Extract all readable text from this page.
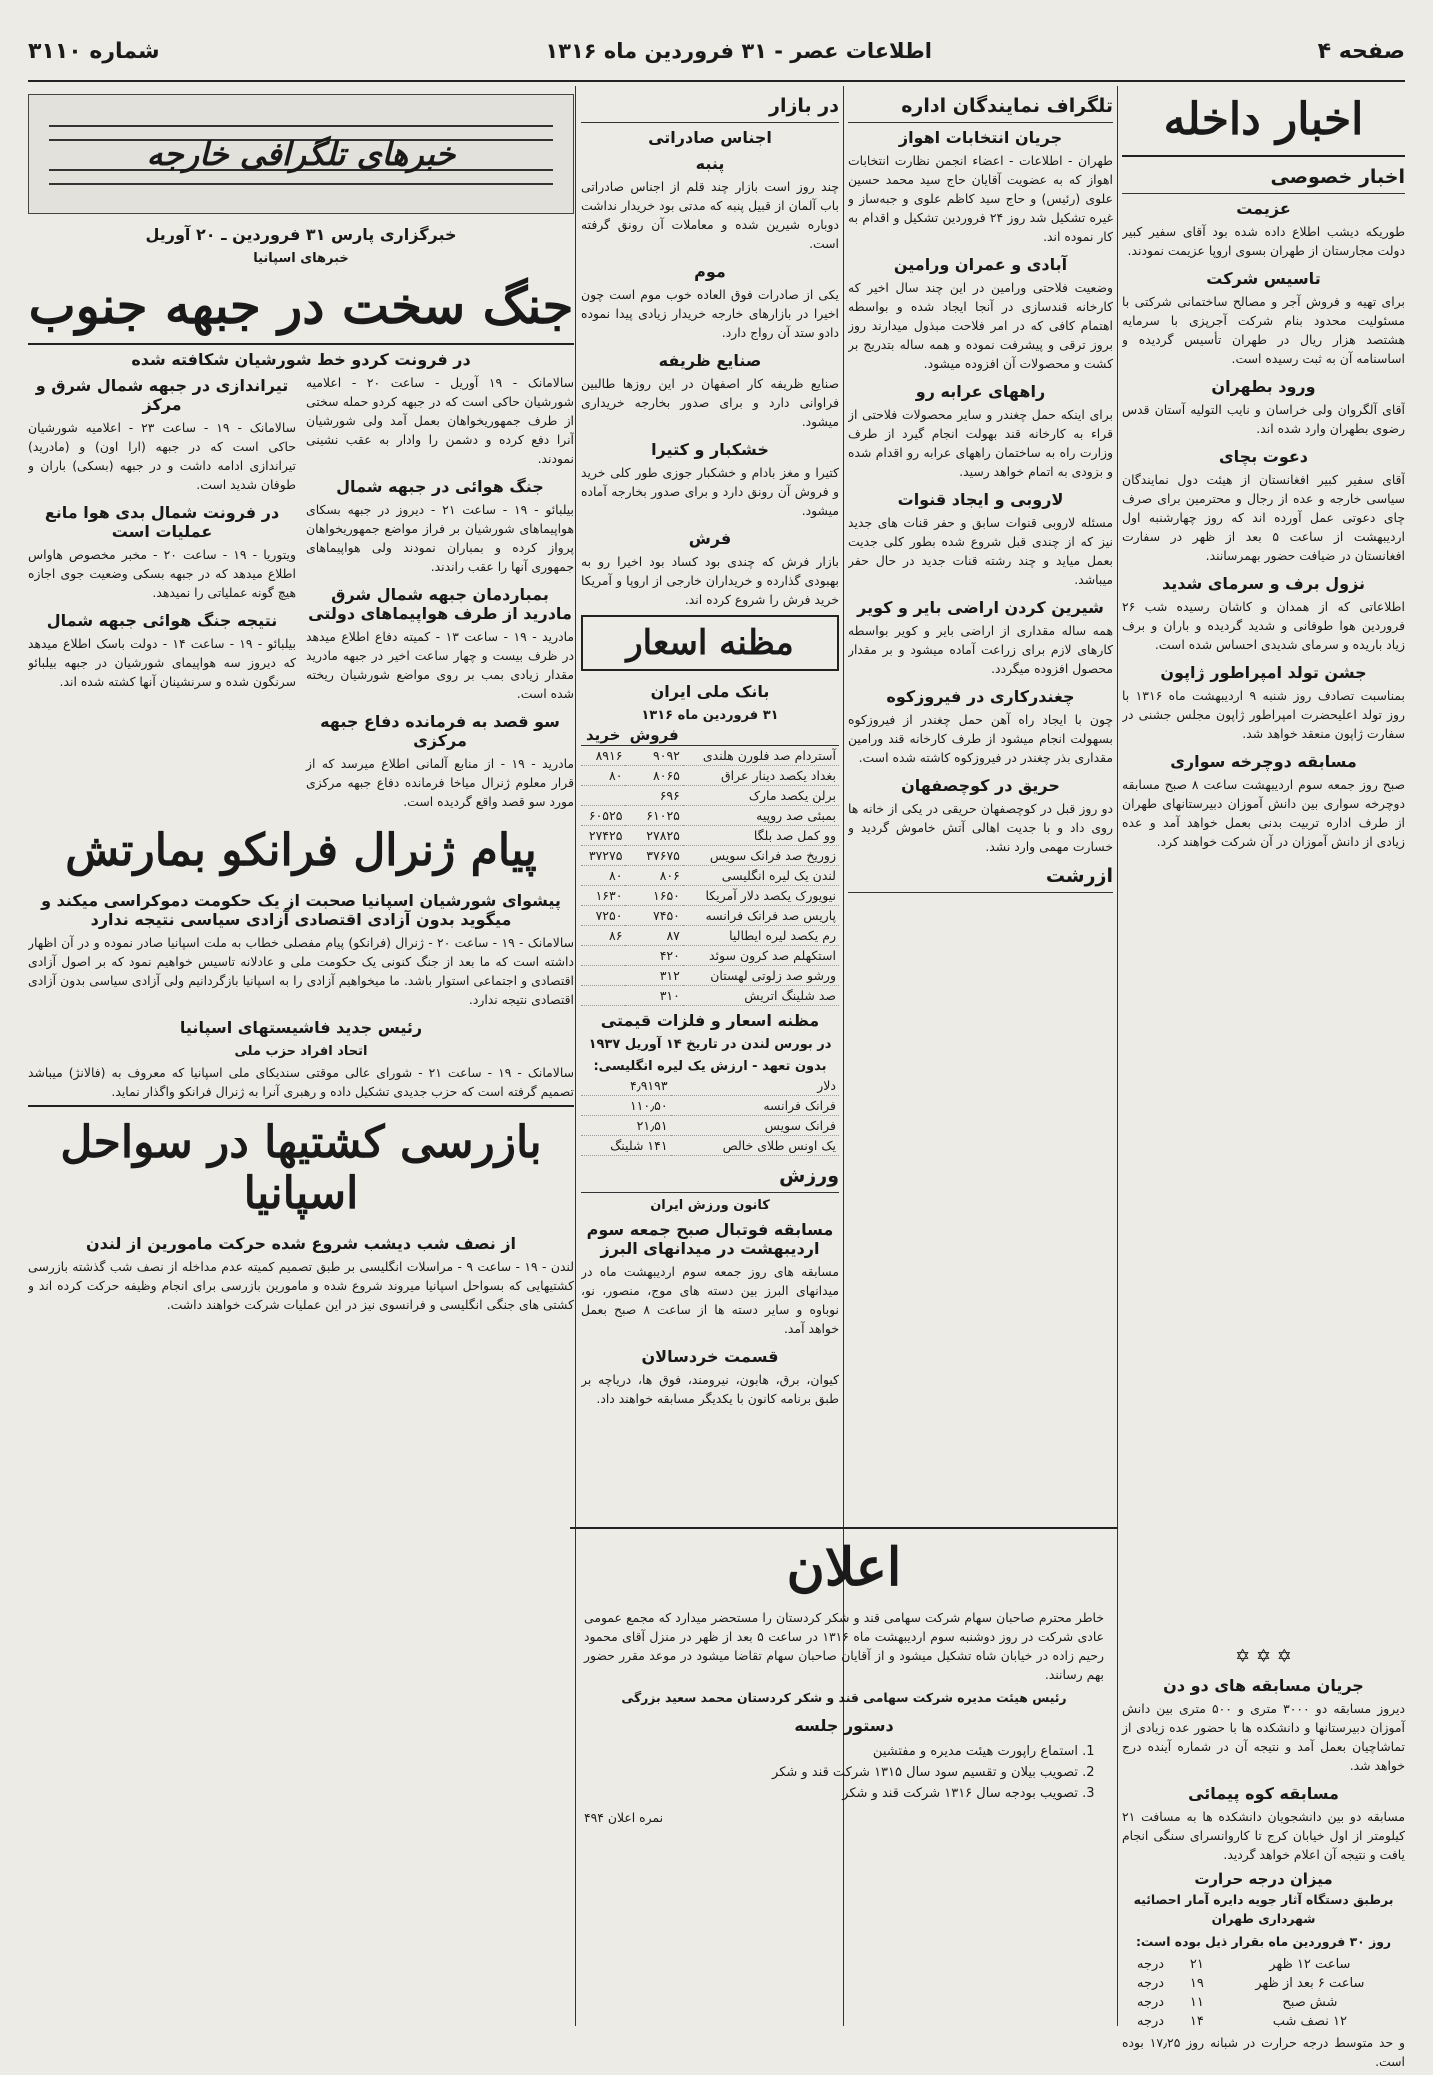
صفحه ۴
اطلاعات عصر - ۳۱ فروردین ماه ۱۳۱۶
شماره ۳۱۱۰
اخبار داخله
اخبار خصوصی
عزیمت

طوریکه دیشب اطلاع داده شده بود آقای سفیر کبیر دولت مجارستان از طهران بسوی اروپا عزیمت نمودند.

تاسیس شرکت

برای تهیه و فروش آجر و مصالح ساختمانی شرکتی با مسئولیت محدود بنام شرکت آجرپزی با سرمایه هشتصد هزار ریال در طهران تأسیس گردیده و اساسنامه آن به ثبت رسیده است.

ورود بطهران

آقای آلگروان ولی خراسان و نایب التولیه آستان قدس رضوی بطهران وارد شده اند.

دعوت بچای

آقای سفیر کبیر افغانستان از هیئت دول نمایندگان سیاسی خارجه و عده از رجال و محترمین برای صرف چای دعوتی عمل آورده اند که روز چهارشنبه اول اردیبهشت از ساعت ۵ بعد از ظهر در سفارت افغانستان در ضیافت حضور بهمرسانند.

نزول برف و سرمای شدید

اطلاعاتی که از همدان و کاشان رسیده شب ۲۶ فروردین هوا طوفانی و شدید گردیده و باران و برف زیاد باریده و سرمای شدیدی احساس شده است.

جشن تولد امپراطور ژاپون

بمناسبت تصادف روز شنبه ۹ اردیبهشت ماه ۱۳۱۶ با روز تولد اعلیحضرت امپراطور ژاپون مجلس جشنی در سفارت ژاپون منعقد خواهد شد.

مسابقه دوچرخه سواری

صبح روز جمعه سوم اردیبهشت ساعت ۸ صبح مسابقه دوچرخه سواری بین دانش آموزان دبیرستانهای طهران از طرف اداره تربیت بدنی بعمل خواهد آمد و عده زیادی از دانش آموزان در آن شرکت خواهند کرد.

✡ ✡ ✡
جریان مسابقه های دو دن

دیروز مسابقه دو ۳۰۰۰ متری و ۵۰۰ متری بین دانش آموزان دبیرستانها و دانشکده ها با حضور عده زیادی از تماشاچیان بعمل آمد و نتیجه آن در شماره آینده درج خواهد شد.

مسابقه کوه پیمائی

مسابقه دو بین دانشجویان دانشکده ها به مسافت ۲۱ کیلومتر از اول خیابان کرج تا کاروانسرای سنگی انجام یافت و نتیجه آن اعلام خواهد گردید.

میزان درجه حرارت

برطبق دستگاه آثار جویه دایره آمار احصائیه شهرداری طهران

روز ۳۰ فروردین ماه بقرار ذیل بوده است:

ساعت ۱۲ ظهر	۲۱	درجه
ساعت ۶ بعد از ظهر	۱۹	درجه
شش صبح	۱۱	درجه
۱۲ نصف شب	۱۴	درجه

و حد متوسط درجه حرارت در شبانه روز ۱۷٫۲۵ بوده است.

تلگراف نمایندگان اداره
جریان انتخابات اهواز

طهران - اطلاعات - اعضاء انجمن نظارت انتخابات اهواز که به عضویت آقایان حاج سید محمد حسین علوی (رئیس) و حاج سید کاظم علوی و جبه‌ساز و غیره تشکیل شد روز ۲۴ فروردین تشکیل و اقدام به کار نموده اند.

آبادی و عمران ورامین

وضعیت فلاحتی ورامین در این چند سال اخیر که کارخانه قندسازی در آنجا ایجاد شده و بواسطه اهتمام کافی که در امر فلاحت مبذول میدارند روز بروز ترقی و پیشرفت نموده و همه ساله بتدریج بر کشت و محصولات آن افزوده میشود.

راههای عرابه رو

برای اینکه حمل چغندر و سایر محصولات فلاحتی از قراء به کارخانه قند بهولت انجام گیرد از طرف وزارت راه به ساختمان راههای عرابه رو اقدام شده و بزودی به اتمام خواهد رسید.

لاروبی و ایجاد قنوات

مسئله لاروبی قنوات سابق و حفر قنات های جدید نیز که از چندی قبل شروع شده بطور کلی جدیت بعمل میاید و چند رشته قنات جدید در حال حفر میباشد.

شیرین کردن اراضی بایر و کویر

همه ساله مقداری از اراضی بایر و کویر بواسطه کارهای لازم برای زراعت آماده میشود و بر مقدار محصول افزوده میگردد.

چغندرکاری در فیروزکوه

چون با ایجاد راه آهن حمل چغندر از فیروزکوه بسهولت انجام میشود از طرف کارخانه قند ورامین مقداری بذر چغندر در فیروزکوه کاشته شده است.

حریق در کوچصفهان

دو روز قبل در کوچصفهان حریقی در یکی از خانه ها روی داد و با جدیت اهالی آتش خاموش گردید و خسارت مهمی وارد نشد.

ازرشت
در بازار
اجناس صادراتی
پنبه

چند روز است بازار چند قلم از اجناس صادراتی باب آلمان از قبیل پنبه که مدتی بود خریدار نداشت دوباره شیرین شده و معاملات آن رونق گرفته است.

موم

یکی از صادرات فوق العاده خوب موم است چون اخیرا در بازارهای خارجه خریدار زیادی پیدا نموده دادو ستد آن رواج دارد.

صنایع ظریفه

صنایع ظریفه کار اصفهان در این روزها طالبین فراوانی دارد و برای صدور بخارجه خریداری میشود.

خشکبار و کتیرا

کتیرا و مغز بادام و خشکبار جوزی طور کلی خرید و فروش آن رونق دارد و برای صدور بخارجه آماده میشود.

فرش

بازار فرش که چندی بود کساد بود اخیرا رو به بهبودی گذارده و خریداران خارجی از اروپا و آمریکا خرید فرش را شروع کرده اند.

مظنه اسعار
بانک ملی ایران
۳۱ فروردین ماه ۱۳۱۶
	فروش	خرید
آستردام صد فلورن هلندی	۹۰۹۲	۸۹۱۶
بغداد یکصد دینار عراق	۸۰۶۵	۸۰
برلن یکصد مارک	۶۹۶	
بمبئی صد روپیه	۶۱۰۲۵	۶۰۵۲۵
وو کمل صد بلگا	۲۷۸۲۵	۲۷۴۲۵
زوریخ صد فرانک سویس	۳۷۶۷۵	۳۷۲۷۵
لندن یک لیره انگلیسی	۸۰۶	۸۰
نیویورک یکصد دلار آمریکا	۱۶۵۰	۱۶۳۰
پاریس صد فرانک فرانسه	۷۴۵۰	۷۲۵۰
رم یکصد لیره ایطالیا	۸۷	۸۶
استکهلم صد کرون سوئد	۴۲۰	
ورشو صد زلوتی لهستان	۳۱۲	
صد شلینگ اتریش	۳۱۰	
مظنه اسعار و فلزات قیمتی
در بورس لندن در تاریخ ۱۴ آوریل ۱۹۳۷
بدون تعهد - ارزش یک لیره انگلیسی:
دلار	۴٫۹۱۹۳
فرانک فرانسه	۱۱۰٫۵۰
فرانک سویس	۲۱٫۵۱
یک اونس طلای خالص	۱۴۱ شلینگ
ورزش
کانون ورزش ایران
مسابقه فوتبال صبح جمعه سوم اردیبهشت در میدانهای البرز

مسابقه های روز جمعه سوم اردیبهشت ماه در میدانهای البرز بین دسته های موج، منصور، نو، نوباوه و سایر دسته ها از ساعت ۸ صبح بعمل خواهد آمد.

قسمت خردسالان

کیوان، برق، هابون، نیرومند، فوق ها، دریاچه بر طبق برنامه کانون با یکدیگر مسابقه خواهند داد.

خبرهای تلگرافی خارجه
خبرگزاری پارس ۳۱ فروردین ـ ۲۰ آوریل
خبرهای اسپانیا
جنگ سخت در جبهه جنوب
در فرونت کردو خط شورشیان شکافته شده

سالامانک - ۱۹ آوریل - ساعت ۲۰ - اعلامیه شورشیان حاکی است که در جبهه کردو حمله سختی از طرف جمهوریخواهان بعمل آمد ولی شورشیان آنرا دفع کرده و دشمن را وادار به عقب نشینی نمودند.

جنگ هوائی در جبهه شمال

بیلبائو - ۱۹ - ساعت ۲۱ - دیروز در جبهه بسکای هواپیماهای شورشیان بر فراز مواضع جمهوریخواهان پرواز کرده و بمباران نمودند ولی هواپیماهای جمهوری آنها را عقب راندند.

بمباردمان جبهه شمال شرق مادرید از طرف هواپیماهای دولتی

مادرید - ۱۹ - ساعت ۱۳ - کمیته دفاع اطلاع میدهد در ظرف بیست و چهار ساعت اخیر در جبهه مادرید مقدار زیادی بمب بر روی مواضع شورشیان ریخته شده است.

سو قصد به فرمانده دفاع جبهه مرکزی

مادرید - ۱۹ - از منابع آلمانی اطلاع میرسد که از قرار معلوم ژنرال میاخا فرمانده دفاع جبهه مرکزی مورد سو قصد واقع گردیده است.

تیراندازی در جبهه شمال شرق و مرکز

سالامانک - ۱۹ - ساعت ۲۳ - اعلامیه شورشیان حاکی است که در جبهه (ارا اون) و (مادرید) تیراندازی ادامه داشت و در جبهه (بسکی) باران و طوفان شدید است.

در فرونت شمال بدی هوا مانع عملیات است

ویتوریا - ۱۹ - ساعت ۲۰ - مخبر مخصوص هاواس اطلاع میدهد که در جبهه بسکی وضعیت جوی اجازه هیچ گونه عملیاتی را نمیدهد.

نتیجه جنگ هوائی جبهه شمال

بیلبائو - ۱۹ - ساعت ۱۴ - دولت باسک اطلاع میدهد که دیروز سه هواپیمای شورشیان در جبهه بیلبائو سرنگون شده و سرنشینان آنها کشته شده اند.

پیام ژنرال فرانکو بمارتش
پیشوای شورشیان اسپانیا صحبت از یک حکومت دموکراسی میکند و میگوید بدون آزادی اقتصادی آزادی سیاسی نتیجه ندارد

سالامانک - ۱۹ - ساعت ۲۰ - ژنرال (فرانکو) پیام مفصلی خطاب به ملت اسپانیا صادر نموده و در آن اظهار داشته است که ما بعد از جنگ کنونی یک حکومت ملی و عادلانه تاسیس خواهیم نمود که بر اصول آزادی اقتصادی و اجتماعی استوار باشد. ما میخواهیم آزادی را به اسپانیا بازگردانیم ولی آزادی سیاسی بدون آزادی اقتصادی نتیجه ندارد.

رئیس جدید فاشیستهای اسپانیا
اتحاد افراد حزب ملی

سالامانک - ۱۹ - ساعت ۲۱ - شورای عالی موقتی سندیکای ملی اسپانیا که معروف به (فالانژ) میباشد تصمیم گرفته است که حزب جدیدی تشکیل داده و رهبری آنرا به ژنرال فرانکو واگذار نماید.

بازرسی کشتیها در سواحل اسپانیا
از نصف شب دیشب شروع شده حرکت مامورین از لندن

لندن - ۱۹ - ساعت ۹ - مراسلات انگلیسی بر طبق تصمیم کمیته عدم مداخله از نصف شب گذشته بازرسی کشتیهایی که بسواحل اسپانیا میروند شروع شده و مامورین بازرسی برای انجام وظیفه حرکت کرده اند و کشتی های جنگی انگلیسی و فرانسوی نیز در این عملیات شرکت خواهند داشت.

اعلان

خاطر محترم صاحبان سهام شرکت سهامی قند و شکر کردستان را مستحضر میدارد که مجمع عمومی عادی شرکت در روز دوشنبه سوم اردیبهشت ماه ۱۳۱۶ در ساعت ۵ بعد از ظهر در منزل آقای محمود رحیم زاده در خیابان شاه تشکیل میشود و از آقایان صاحبان سهام تقاضا میشود در موعد مقرر حضور بهم رسانند.

رئیس هیئت مدیره شرکت سهامی قند و شکر کردستان محمد سعید بزرگی

دستور جلسه
1. استماع راپورت هیئت مدیره و مفتشین
2. تصویب بیلان و تقسیم سود سال ۱۳۱۵ شرکت قند و شکر
3. تصویب بودجه سال ۱۳۱۶ شرکت قند و شکر

نمره اعلان ۴۹۴
